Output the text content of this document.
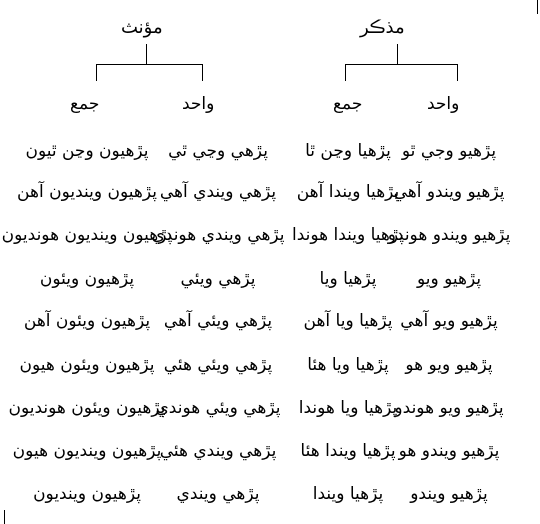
مذڪر
مؤنث
واحد
جمع
واحد
جمع
پڙهيو وجي ٿو
پڙهيا وڃن ٿا
پڙهي وڃي ٿي
پڙهيون وڃن ٿيون
پڙهيو ويندو آهي
پڙهيا ويندا آهن
پڙهي ويندي آهي
پڙهيون وينديون آهن
پڙهيو ويندو هوندو
پڙهيا ويندا هوندا
پڙهي ويندي هوندي
پڙهيون وينديون هونديون
پڙهيو ويو
پڙهيا ويا
پڙهي ويئي
پڙهيون ويئون
پڙهيو ويو آهي
پڙهيا ويا آهن
پڙهي ويئي آهي
پڙهيون ويئون آهن
پڙهيو ويو هو
پڙهيا ويا هئا
پڙهي ويئي هئي
پڙهيون ويئون هيون
پڙهيو ويو هوندو
پڙهيا ويا هوندا
پڙهي ويئي هوندي
پڙهيون ويئون هونديون
پڙهيو ويندو هو
پڙهيا ويندا هئا
پڙهي ويندي هئي
پڙهيون وينديون هيون
پڙهيو ويندو
پڙهيا ويندا
پڙهي ويندي
پڙهيون وينديون
